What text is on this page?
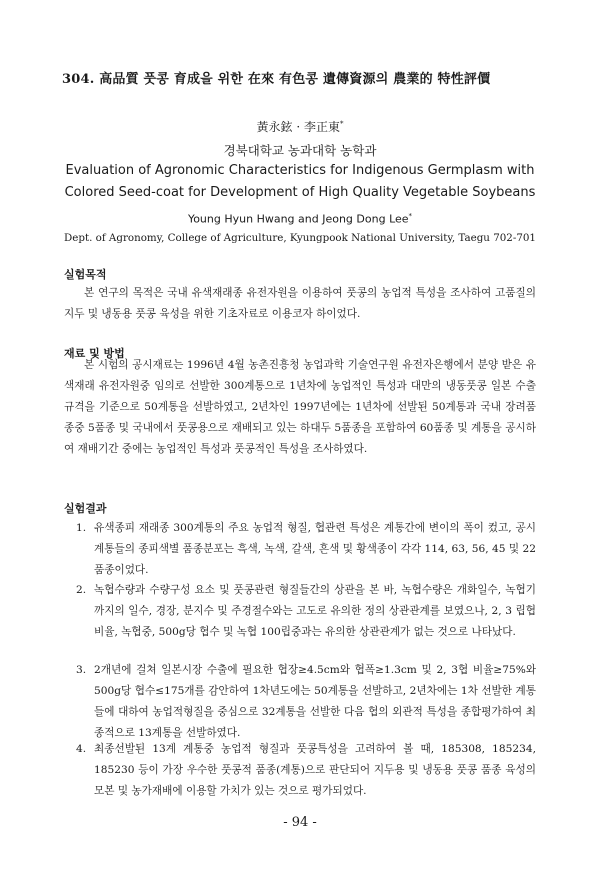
304. 高品質 풋콩 育成을 위한 在來 有色콩 遺傳資源의 農業的 特性評價
黃永鉉 · 李正東*
경북대학교 농과대학 농학과
Evaluation of Agronomic Characteristics for Indigenous Germplasm with
Colored Seed-coat for Development of High Quality Vegetable Soybeans
Young Hyun Hwang and Jeong Dong Lee*
Dept. of Agronomy, College of Agriculture, Kyungpook National University, Taegu 702-701
실험목적
본 연구의 목적은 국내 유색재래종 유전자원을 이용하여 풋콩의 농업적 특성을 조사하여 고품질의 지두 및 냉동용 풋콩 육성을 위한 기초자료로 이용코자 하이었다.
재료 및 방법
본 시험의 공시재료는 1996년 4월 농촌진흥청 농업과학 기술연구원 유전자은행에서 분양 받은 유색재래 유전자원중 임의로 선발한 300계통으로 1년차에 농업적인 특성과 대만의 냉동풋콩 일본 수출규격을 기준으로 50계통을 선발하였고, 2년차인 1997년에는 1년차에 선발된 50계통과 국내 장려품종중 5품종 및 국내에서 풋콩용으로 재배되고 있는 하대두 5품종을 포함하여 60품종 및 계통을 공시하여 재배기간 중에는 농업적인 특성과 풋콩적인 특성을 조사하였다.
실험결과
1. 유색종피 재래종 300계통의 주요 농업적 형질, 협관련 특성은 계통간에 변이의 폭이 컸고, 공시계통들의 종피색별 품종분포는 흑색, 녹색, 갈색, 흔색 및 황색종이 각각 114, 63, 56, 45 및 22품종이었다.
2. 녹협수량과 수량구성 요소 및 풋콩관련 형질들간의 상관을 본 바, 녹협수량은 개화일수, 녹협기까지의 일수, 경장, 분지수 및 주경절수와는 고도로 유의한 정의 상관관계를 보였으나, 2, 3 립협 비율, 녹협중, 500g당 협수 및 녹협 100립중과는 유의한 상관관계가 없는 것으로 나타났다.
3. 2개년에 걸쳐 일본시장 수출에 필요한 협장≥4.5cm와 협폭≥1.3cm 및 2, 3협 비율≥75%와 500g당 협수≤175개를 감안하여 1차년도에는 50계통을 선발하고, 2년차에는 1차 선발한 계통들에 대하여 농업적형질을 중심으로 32계통을 선발한 다음 협의 외관적 특성을 종합평가하여 최종적으로 13계통을 선발하였다.
4. 최종선발된 13계 계통중 농업적 형질과 풋콩특성을 고려하여 볼 때, 185308, 185234, 185230 등이 가장 우수한 풋콩적 품종(계통)으로 판단되어 지두용 및 냉동용 풋콩 품종 육성의 모본 및 농가재배에 이용할 가치가 있는 것으로 평가되었다.
- 94 -
